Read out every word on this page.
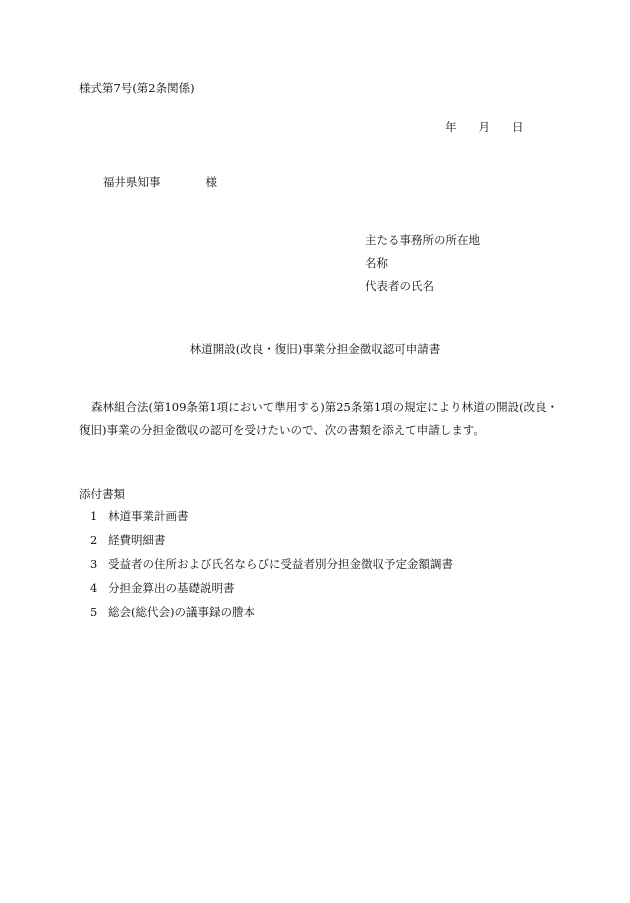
様式第7号(第2条関係)
年 月 日
福井県知事	様
主たる事務所の所在地
名称
代表者の氏名
林道開設(改良・復旧)事業分担金徴収認可申請書
森林組合法(第109条第1項において準用する)第25条第1項の規定により林道の開設(改良・復旧)事業の分担金徴収の認可を受けたいので、次の書類を添えて申請します。
添付書類
1 林道事業計画書
2 経費明細書
3 受益者の住所および氏名ならびに受益者別分担金徴収予定金額調書
4 分担金算出の基礎説明書
5 総会(総代会)の議事録の謄本
